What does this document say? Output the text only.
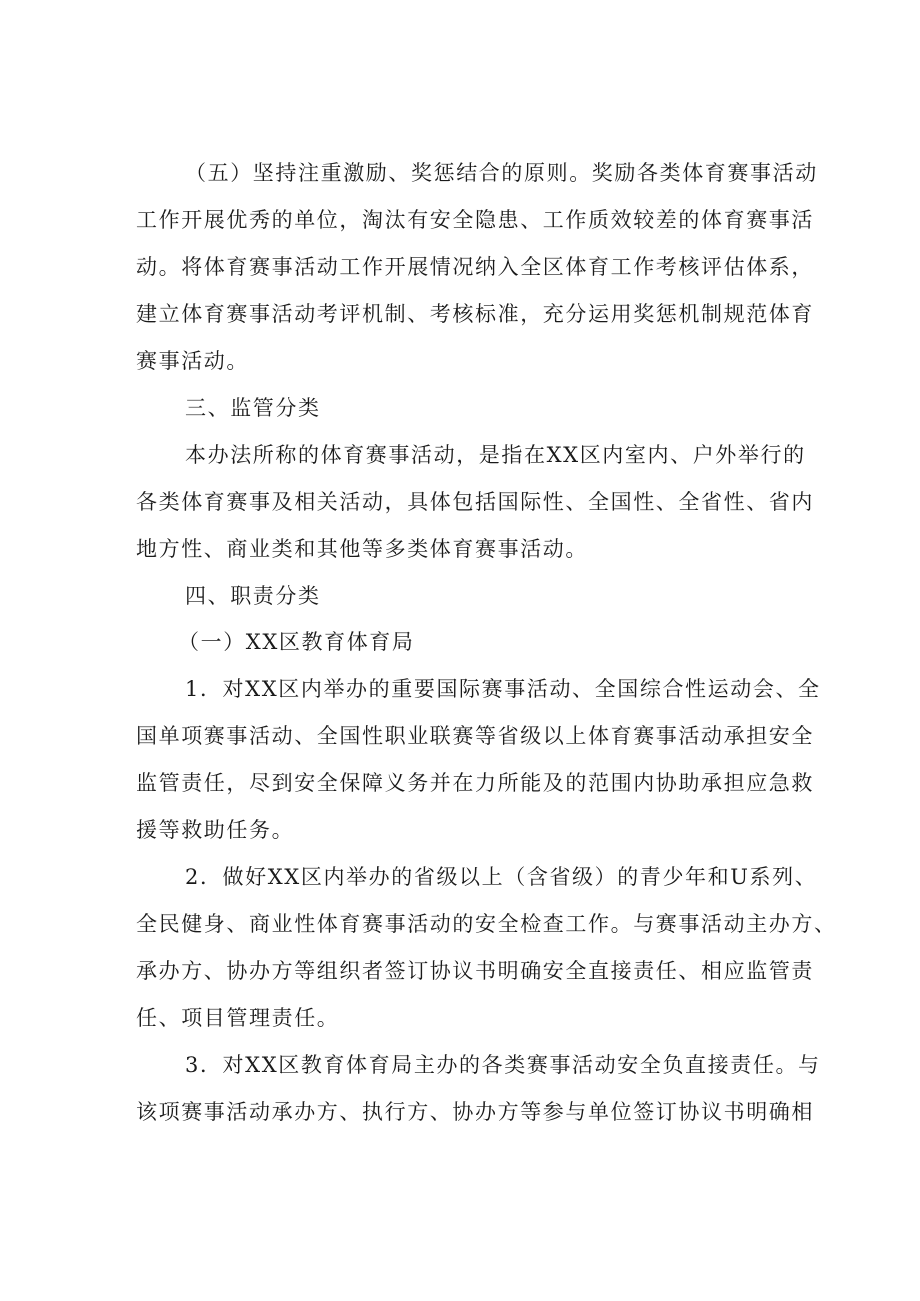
（五）坚持注重激励、奖惩结合的原则。奖励各类体育赛事活动
工作开展优秀的单位，淘汰有安全隐患、工作质效较差的体育赛事活
动。将体育赛事活动工作开展情况纳入全区体育工作考核评估体系，
建立体育赛事活动考评机制、考核标准，充分运用奖惩机制规范体育
赛事活动。
三、监管分类
本办法所称的体育赛事活动，是指在XX区内室内、户外举行的
各类体育赛事及相关活动，具体包括国际性、全国性、全省性、省内
地方性、商业类和其他等多类体育赛事活动。
四、职责分类
（一）XX区教育体育局
1．对XX区内举办的重要国际赛事活动、全国综合性运动会、全
国单项赛事活动、全国性职业联赛等省级以上体育赛事活动承担安全
监管责任，尽到安全保障义务并在力所能及的范围内协助承担应急救
援等救助任务。
2．做好XX区内举办的省级以上（含省级）的青少年和U系列、
全民健身、商业性体育赛事活动的安全检查工作。与赛事活动主办方、
承办方、协办方等组织者签订协议书明确安全直接责任、相应监管责
任、项目管理责任。
3．对XX区教育体育局主办的各类赛事活动安全负直接责任。与
该项赛事活动承办方、执行方、协办方等参与单位签订协议书明确相
